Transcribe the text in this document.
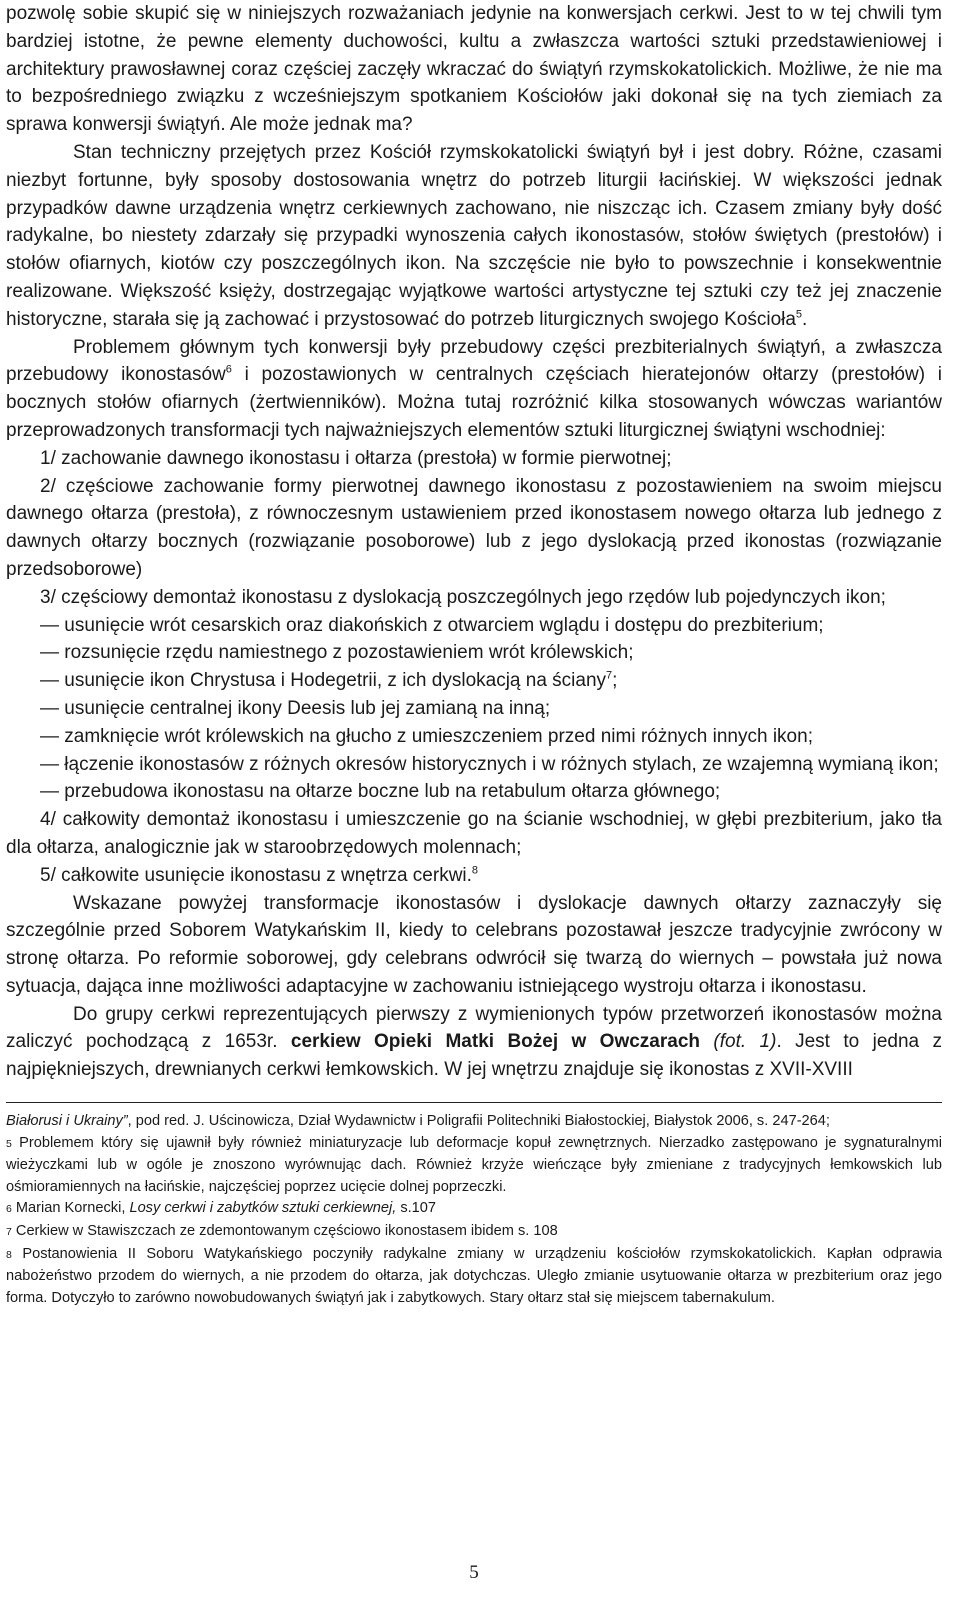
pozwolę sobie skupić się w niniejszych rozważaniach jedynie na konwersjach cerkwi. Jest to w tej chwili tym bardziej istotne, że pewne elementy duchowości, kultu a zwłaszcza wartości sztuki przedstawieniowej i architektury prawosławnej coraz częściej zaczęły wkraczać do świątyń rzymskokatolickich. Możliwe, że nie ma to bezpośredniego związku z wcześniejszym spotkaniem Kościołów jaki dokonał się na tych ziemiach za sprawa konwersji świątyń. Ale może jednak ma?

Stan techniczny przejętych przez Kościół rzymskokatolicki świątyń był i jest dobry. Różne, czasami niezbyt fortunne, były sposoby dostosowania wnętrz do potrzeb liturgii łacińskiej. W większości jednak przypadków dawne urządzenia wnętrz cerkiewnych zachowano, nie niszcząc ich. Czasem zmiany były dość radykalne, bo niestety zdarzały się przypadki wynoszenia całych ikonostasów, stołów świętych (prestołów) i stołów ofiarnych, kiotów czy poszczególnych ikon. Na szczęście nie było to powszechnie i konsekwentnie realizowane. Większość księży, dostrzegając wyjątkowe wartości artystyczne tej sztuki czy też jej znaczenie historyczne, starała się ją zachować i przystosować do potrzeb liturgicznych swojego Kościoła$^5$.

Problemem głównym tych konwersji były przebudowy części prezbiterialnych świątyń, a zwłaszcza przebudowy ikonostasów$^6$ i pozostawionych w centralnych częściach hieratejonów ołtarzy (prestołów) i bocznych stołów ofiarnych (żertwienników). Można tutaj rozróżnić kilka stosowanych wówczas wariantów przeprowadzonych transformacji tych najważniejszych elementów sztuki liturgicznej świątyni wschodniej:

1/ zachowanie dawnego ikonostasu i ołtarza (prestoła) w formie pierwotnej;

2/ częściowe zachowanie formy pierwotnej dawnego ikonostasu z pozostawieniem na swoim miejscu dawnego ołtarza (prestoła), z równoczesnym ustawieniem przed ikonostasem nowego ołtarza lub jednego z dawnych ołtarzy bocznych (rozwiązanie posoborowe) lub z jego dyslokacją przed ikonostas (rozwiązanie przedsoborowe)

3/ częściowy demontaż ikonostasu z dyslokacją poszczególnych jego rzędów lub pojedynczych ikon;

— usunięcie wrót cesarskich oraz diakońskich z otwarciem wglądu i dostępu do prezbiterium;

— rozsunięcie rzędu namiestnego z pozostawieniem wrót królewskich;

— usunięcie ikon Chrystusa i Hodegetrii, z ich dyslokacją na ściany$^7$;

— usunięcie centralnej ikony Deesis lub jej zamianą na inną;

— zamknięcie wrót królewskich na głucho z umieszczeniem przed nimi różnych innych ikon;

— łączenie ikonostasów z różnych okresów historycznych i w różnych stylach, ze wzajemną wymianą ikon;

— przebudowa ikonostasu na ołtarze boczne lub na retabulum ołtarza głównego;

4/ całkowity demontaż ikonostasu i umieszczenie go na ścianie wschodniej, w głębi prezbiterium, jako tła dla ołtarza, analogicznie jak w staroobrzędowych molennach;

5/ całkowite usunięcie ikonostasu z wnętrza cerkwi.$^8$

Wskazane powyżej transformacje ikonostasów i dyslokacje dawnych ołtarzy zaznaczyły się szczególnie przed Soborem Watykańskim II, kiedy to celebrans pozostawał jeszcze tradycyjnie zwrócony w stronę ołtarza. Po reformie soborowej, gdy celebrans odwrócił się twarzą do wiernych – powstała już nowa sytuacja, dająca inne możliwości adaptacyjne w zachowaniu istniejącego wystroju ołtarza i ikonostasu.

Do grupy cerkwi reprezentujących pierwszy z wymienionych typów przetworzeń ikonostasów można zaliczyć pochodzącą z 1653r. cerkiew Opieki Matki Bożej w Owczarach (fot. 1). Jest to jedna z najpiękniejszych, drewnianych cerkwi łemkowskich. W jej wnętrzu znajduje się ikonostas z XVII-XVIII

Białorusi i Ukrainy”, pod red. J. Uścinowicza, Dział Wydawnictw i Poligrafii Politechniki Białostockiej, Białystok 2006, s. 247-264;

5 Problemem który się ujawnił były również miniaturyzacje lub deformacje kopuł zewnętrznych. Nierzadko zastępowano je sygnaturalnymi wieżyczkami lub w ogóle je znoszono wyrównując dach. Również krzyże wieńczące były zmieniane z tradycyjnych łemkowskich lub ośmioramiennych na łacińskie, najczęściej poprzez ucięcie dolnej poprzeczki.

6 Marian Kornecki, Losy cerkwi i zabytków sztuki cerkiewnej, s.107

7 Cerkiew w Stawiszczach ze zdemontowanym częściowo ikonostasem ibidem s. 108

8 Postanowienia II Soboru Watykańskiego poczyniły radykalne zmiany w urządzeniu kościołów rzymskokatolickich. Kapłan odprawia nabożeństwo przodem do wiernych, a nie przodem do ołtarza, jak dotychczas. Uległo zmianie usytuowanie ołtarza w prezbiterium oraz jego forma. Dotyczyło to zarówno nowobudowanych świątyń jak i zabytkowych. Stary ołtarz stał się miejscem tabernakulum.

5
